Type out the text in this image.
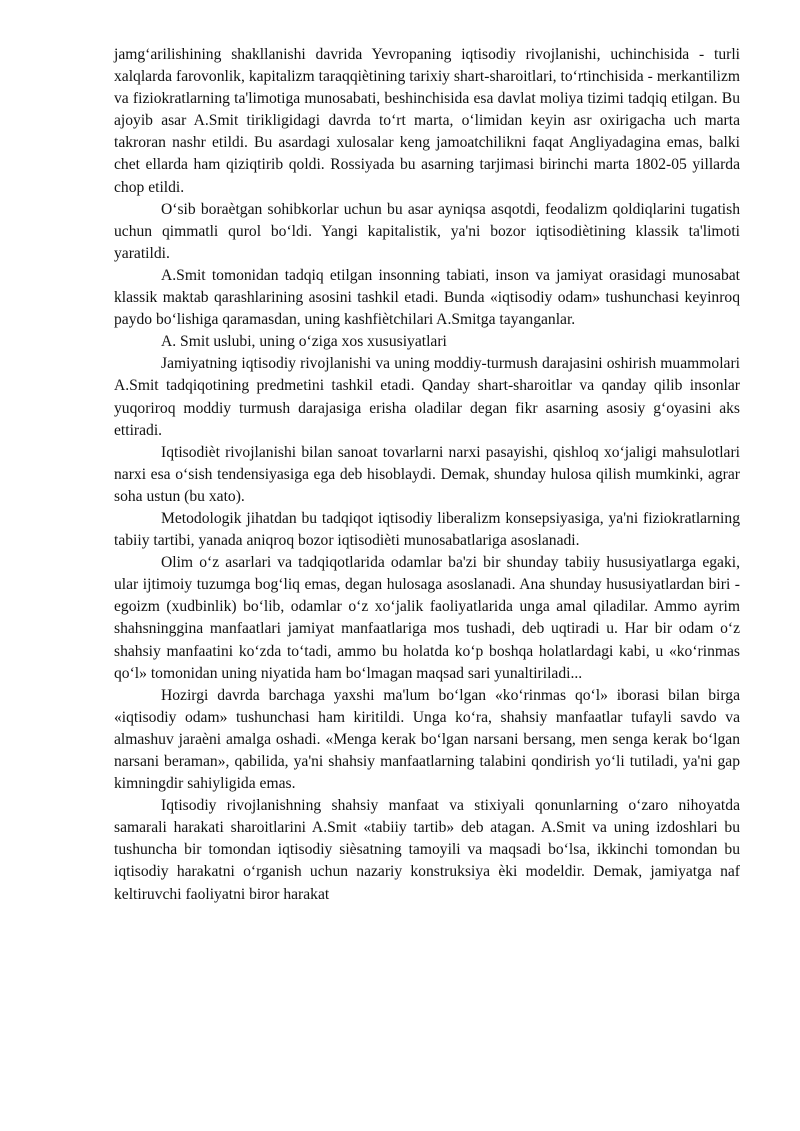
jamg‘arilishining shakllanishi davrida Yevropaning iqtisodiy rivojlanishi, uchinchisida - turli xalqlarda farovonlik, kapitalizm taraqqiètining tarixiy shart-sharoitlari, to‘rtinchisida - merkantilizm va fiziokratlarning ta'limotiga munosabati, beshinchisida esa davlat moliya tizimi tadqiq etilgan. Bu ajoyib asar A.Smit tirikligidagi davrda to‘rt marta, o‘limidan keyin asr oxirigacha uch marta takroran nashr etildi. Bu asardagi xulosalar keng jamoatchilikni faqat Angliyadagina emas, balki chet ellarda ham qiziqtirib qoldi. Rossiyada bu asarning tarjimasi birinchi marta 1802-05 yillarda chop etildi.

O‘sib boraètgan sohibkorlar uchun bu asar ayniqsa asqotdi, feodalizm qoldiqlarini tugatish uchun qimmatli qurol bo‘ldi. Yangi kapitalistik, ya'ni bozor iqtisodiètining klassik ta'limoti yaratildi.

A.Smit tomonidan tadqiq etilgan insonning tabiati, inson va jamiyat orasidagi munosabat klassik maktab qarashlarining asosini tashkil etadi. Bunda «iqtisodiy odam» tushunchasi keyinroq paydo bo‘lishiga qaramasdan, uning kashfiètchilari A.Smitga tayanganlar.

A. Smit uslubi, uning o‘ziga xos xususiyatlari

Jamiyatning iqtisodiy rivojlanishi va uning moddiy-turmush darajasini oshirish muammolari A.Smit tadqiqotining predmetini tashkil etadi. Qanday shart-sharoitlar va qanday qilib insonlar yuqoriroq moddiy turmush darajasiga erisha oladilar degan fikr asarning asosiy g‘oyasini aks ettiradi.

Iqtisodièt rivojlanishi bilan sanoat tovarlarni narxi pasayishi, qishloq xo‘jaligi mahsulotlari narxi esa o‘sish tendensiyasiga ega deb hisoblaydi. Demak, shunday hulosa qilish mumkinki, agrar soha ustun (bu xato).

Metodologik jihatdan bu tadqiqot iqtisodiy liberalizm konsepsiyasiga, ya'ni fiziokratlarning tabiiy tartibi, yanada aniqroq bozor iqtisodièti munosabatlariga asoslanadi.

Olim o‘z asarlari va tadqiqotlarida odamlar ba'zi bir shunday tabiiy hususiyatlarga egaki, ular ijtimoiy tuzumga bog‘liq emas, degan hulosaga asoslanadi. Ana shunday hususiyatlardan biri - egoizm (xudbinlik) bo‘lib, odamlar o‘z xo‘jalik faoliyatlarida unga amal qiladilar. Ammo ayrim shahsninggina manfaatlari jamiyat manfaatlariga mos tushadi, deb uqtiradi u. Har bir odam o‘z shahsiy manfaatini ko‘zda to‘tadi, ammo bu holatda ko‘p boshqa holatlardagi kabi, u «ko‘rinmas qo‘l» tomonidan uning niyatida ham bo‘lmagan maqsad sari yunaltiriladi...

Hozirgi davrda barchaga yaxshi ma'lum bo‘lgan «ko‘rinmas qo‘l» iborasi bilan birga «iqtisodiy odam» tushunchasi ham kiritildi. Unga ko‘ra, shahsiy manfaatlar tufayli savdo va almashuv jaraèni amalga oshadi. «Menga kerak bo‘lgan narsani bersang, men senga kerak bo‘lgan narsani beraman», qabilida, ya'ni shahsiy manfaatlarning talabini qondirish yo‘li tutiladi, ya'ni gap kimningdir sahiyligida emas.

Iqtisodiy rivojlanishning shahsiy manfaat va stixiyali qonunlarning o‘zaro nihoyatda samarali harakati sharoitlarini A.Smit «tabiiy tartib» deb atagan. A.Smit va uning izdoshlari bu tushuncha bir tomondan iqtisodiy sièsatning tamoyili va maqsadi bo‘lsa, ikkinchi tomondan bu iqtisodiy harakatni o‘rganish uchun nazariy konstruksiya èki modeldir. Demak, jamiyatga naf keltiruvchi faoliyatni biror harakat
